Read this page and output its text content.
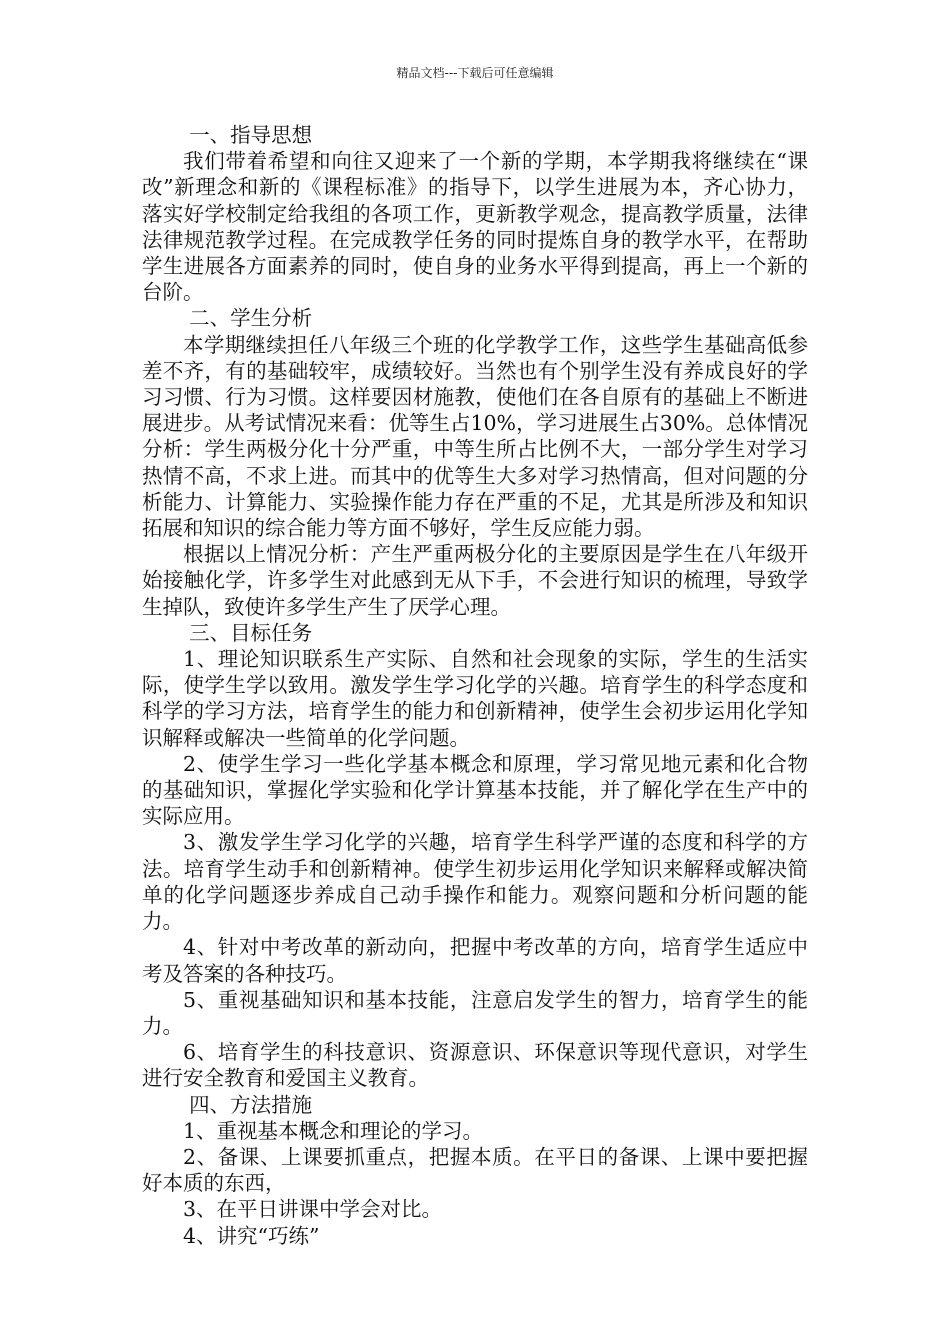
精品文档---下载后可任意编辑

一、指导思想

我们带着希望和向往又迎来了一个新的学期，本学期我将继续在“课改”新理念和新的《课程标准》的指导下，以学生进展为本，齐心协力，落实好学校制定给我组的各项工作，更新教学观念，提高教学质量，法律法律规范教学过程。在完成教学任务的同时提炼自身的教学水平，在帮助学生进展各方面素养的同时，使自身的业务水平得到提高，再上一个新的台阶。

二、学生分析

本学期继续担任八年级三个班的化学教学工作，这些学生基础高低参差不齐，有的基础较牢，成绩较好。当然也有个别学生没有养成良好的学习习惯、行为习惯。这样要因材施教，使他们在各自原有的基础上不断进展进步。从考试情况来看：优等生占10%，学习进展生占30%。总体情况分析：学生两极分化十分严重，中等生所占比例不大，一部分学生对学习热情不高，不求上进。而其中的优等生大多对学习热情高，但对问题的分析能力、计算能力、实验操作能力存在严重的不足，尤其是所涉及和知识拓展和知识的综合能力等方面不够好，学生反应能力弱。

根据以上情况分析：产生严重两极分化的主要原因是学生在八年级开始接触化学，许多学生对此感到无从下手，不会进行知识的梳理，导致学生掉队，致使许多学生产生了厌学心理。

三、目标任务

1、理论知识联系生产实际、自然和社会现象的实际，学生的生活实际，使学生学以致用。激发学生学习化学的兴趣。培育学生的科学态度和科学的学习方法，培育学生的能力和创新精神，使学生会初步运用化学知识解释或解决一些简单的化学问题。

2、使学生学习一些化学基本概念和原理，学习常见地元素和化合物的基础知识，掌握化学实验和化学计算基本技能，并了解化学在生产中的实际应用。

3、激发学生学习化学的兴趣，培育学生科学严谨的态度和科学的方法。培育学生动手和创新精神。使学生初步运用化学知识来解释或解决简单的化学问题逐步养成自己动手操作和能力。观察问题和分析问题的能力。

4、针对中考改革的新动向，把握中考改革的方向，培育学生适应中考及答案的各种技巧。

5、重视基础知识和基本技能，注意启发学生的智力，培育学生的能力。

6、培育学生的科技意识、资源意识、环保意识等现代意识，对学生进行安全教育和爱国主义教育。

四、方法措施

1、重视基本概念和理论的学习。

2、备课、上课要抓重点，把握本质。在平日的备课、上课中要把握好本质的东西，

3、在平日讲课中学会对比。

4、讲究“巧练”
